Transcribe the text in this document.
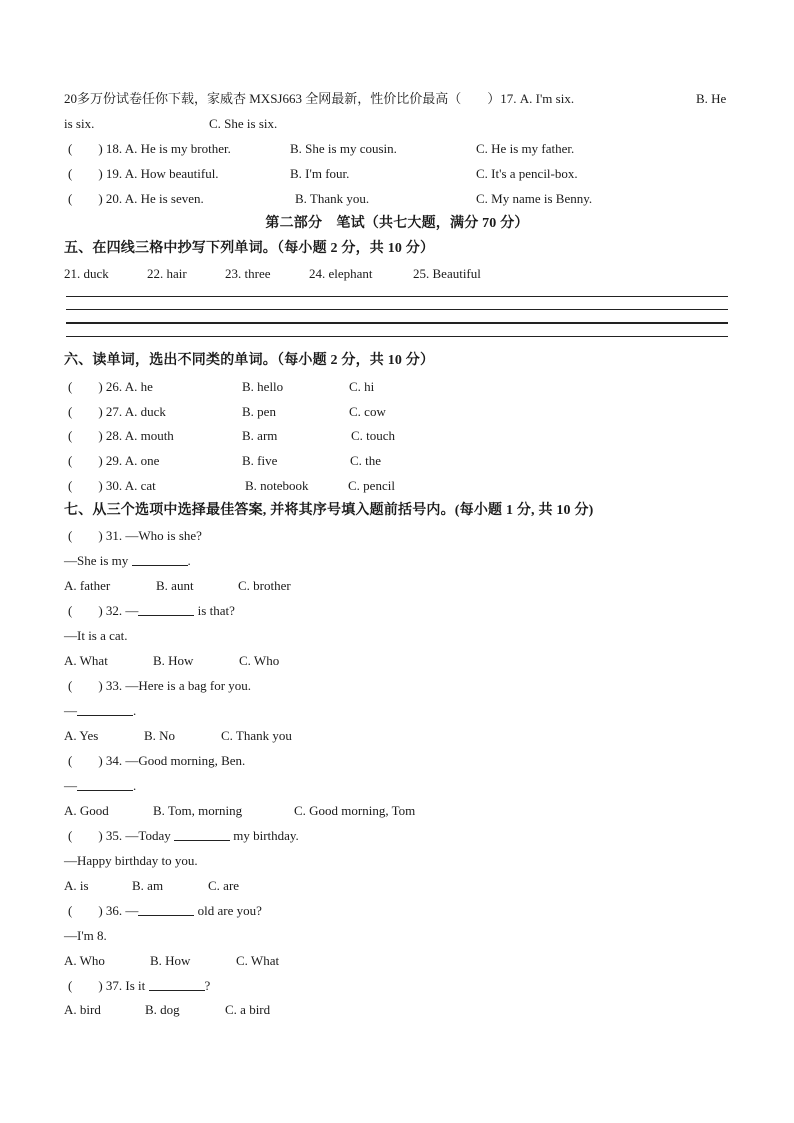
20多万份试卷任你下载，家威杏 MXSJ663 全网最新，性价比价最高（　　）17. A. I'm six.	B. He
is six.	C. She is six.
(　　) 18. A. He is my brother.	B. She is my cousin.	C. He is my father.
(　　) 19. A. How beautiful.	B. I'm four.	C. It's a pencil-box.
(　　) 20. A. He is seven.	B. Thank you.	C. My name is Benny.
第二部分　笔试（共七大题，满分 70 分）
五、在四线三格中抄写下列单词。（每小题 2 分，共 10 分）
21. duck	22. hair	23. three	24. elephant	25. Beautiful
六、读单词，选出不同类的单词。（每小题 2 分，共 10 分）
(　　) 26. A. he	B. hello	C. hi
(　　) 27. A. duck	B. pen	C. cow
(　　) 28. A. mouth	B. arm	C. touch
(　　) 29. A. one	B. five	C. the
(　　) 30. A. cat	B. notebook	C. pencil
七、从三个选项中选择最佳答案, 并将其序号填入题前括号内。(每小题 1 分, 共 10 分)
(　　) 31. —Who is she?
—She is my	.
A. father	B. aunt	C. brother
(　　) 32. —	is that?
—It is a cat.
A. What	B. How	C. Who
(　　) 33. —Here is a bag for you.
—	.
A. Yes	B. No	C. Thank you
(　　) 34. —Good morning, Ben.
—	.
A. Good	B. Tom, morning	C. Good morning, Tom
(　　) 35. —Today	my birthday.
—Happy birthday to you.
A. is	B. am	C. are
(　　) 36. —	old are you?
—I'm 8.
A. Who	B. How	C. What
(　　) 37. Is it	?
A. bird	B. dog	C. a bird
